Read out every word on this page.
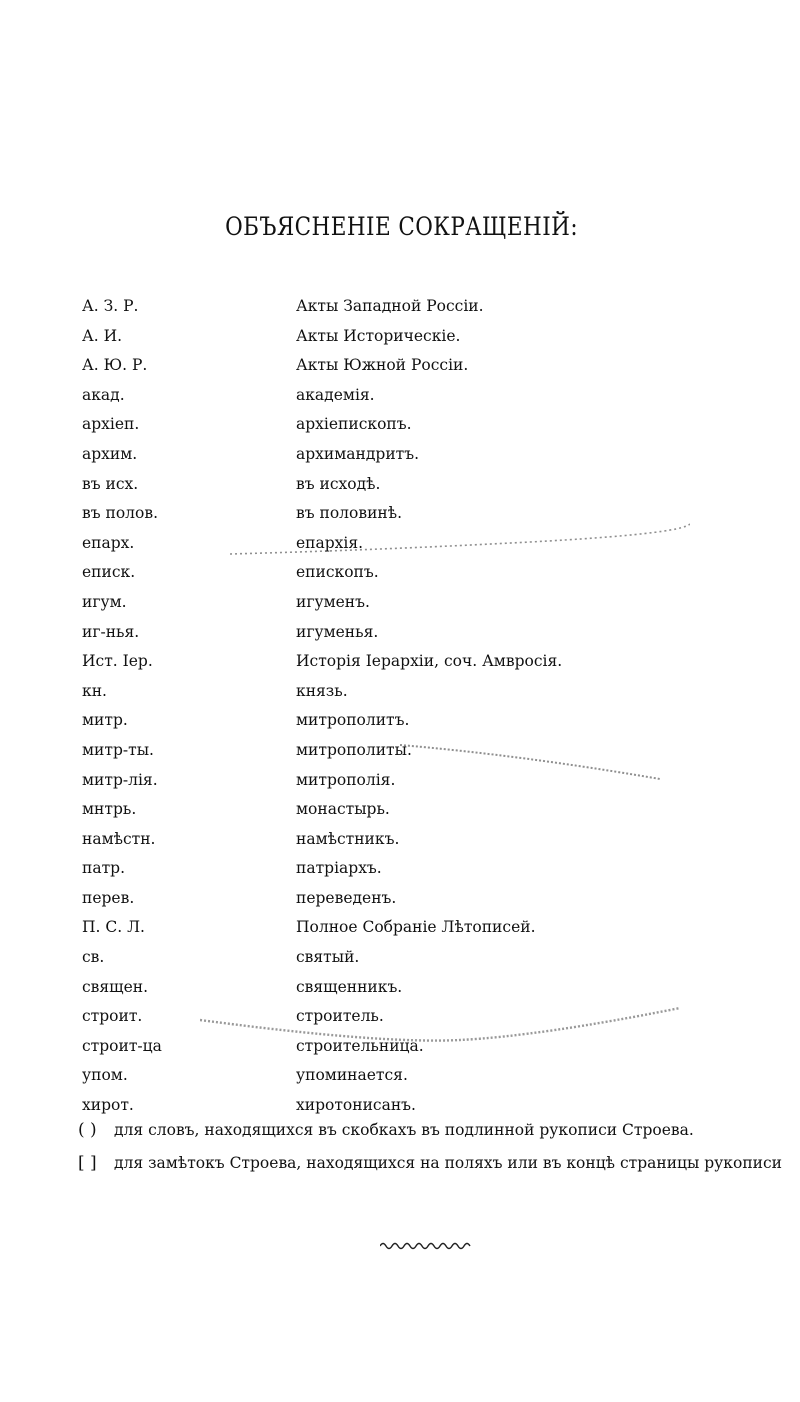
ОБЪЯСНЕНІЕ СОКРАЩЕНІЙ:
А. З. Р.	Акты Западной Россіи.
А. И.	Акты Историческіе.
А. Ю. Р.	Акты Южной Россіи.
акад.	академія.
архіеп.	архіепископъ.
архим.	архимандритъ.
въ исх.	въ исходѣ.
въ полов.	въ половинѣ.
епарх.	епархія.
еписк.	епископъ.
игум.	игуменъ.
иг-нья.	игуменья.
Ист. Іер.	Исторія Іерархіи, соч. Амвросія.
кн.	князь.
митр.	митрополитъ.
митр-ты.	митрополиты.
митр-лія.	митрополія.
мнтрь.	монастырь.
намѣстн.	намѣстникъ.
патр.	патріархъ.
перев.	переведенъ.
П. С. Л.	Полное Собраніе Лѣтописей.
св.	святый.
священ.	священникъ.
строит.	строитель.
строит-ца	строительница.
упом.	упоминается.
хирот.	хиротонисанъ.
( ) для словъ, находящихся въ скобкахъ въ подлинной рукописи Строева.
[ ] для замѣтокъ Строева, находящихся на поляхъ или въ концѣ страницы рукописи
